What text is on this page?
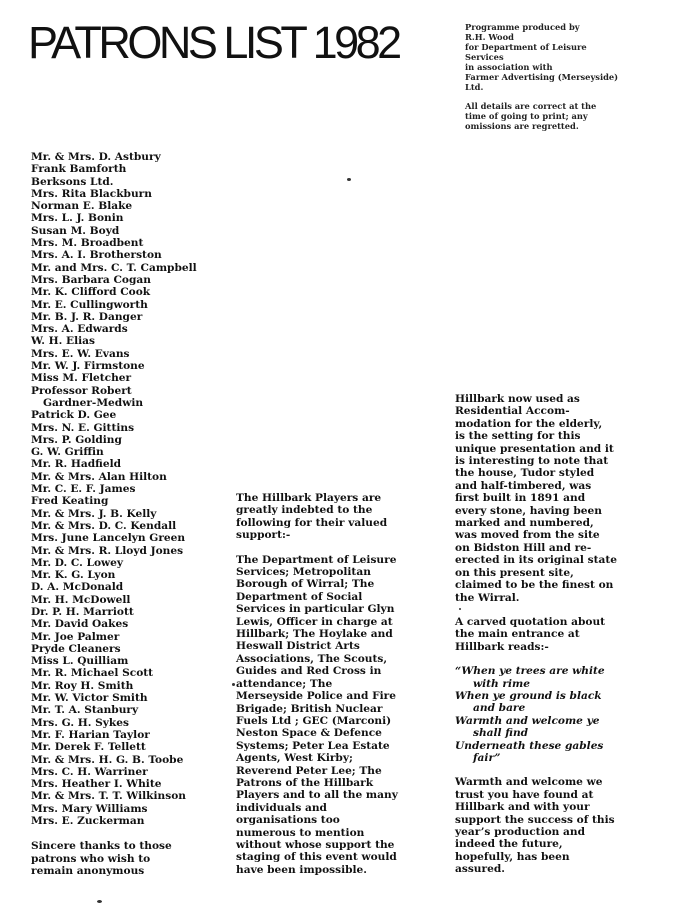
PATRONS LIST 1982	Programme produced by
R.H. Wood
for Department of Leisure
Services
in association with
Farmer Advertising (Merseyside)
Ltd.
All details are correct at the
time of going to print; any
omissions are regretted.
Mr. & Mrs. D. Astbury
Frank Bamforth
Berksons Ltd.
Mrs. Rita Blackburn
Norman E. Blake
Mrs. L. J. Bonin
Susan M. Boyd
Mrs. M. Broadbent
Mrs. A. I. Brotherston
Mr. and Mrs. C. T. Campbell
Mrs. Barbara Cogan
Mr. K. Clifford Cook
Mr. E. Cullingworth
Mr. B. J. R. Danger
Mrs. A. Edwards
W. H. Elias
Mrs. E. W. Evans
Mr. W. J. Firmstone
Miss M. Fletcher
Professor Robert
Gardner-Medwin
Patrick D. Gee
Mrs. N. E. Gittins
Mrs. P. Golding
G. W. Griffin
Mr. R. Hadfield
Mr. & Mrs. Alan Hilton
Mr. C. E. F. James
Fred Keating
Mr. & Mrs. J. B. Kelly
Mr. & Mrs. D. C. Kendall
Mrs. June Lancelyn Green
Mr. & Mrs. R. Lloyd Jones
Mr. D. C. Lowey
Mr. K. G. Lyon
D. A. McDonald
Mr. H. McDowell
Dr. P. H. Marriott
Mr. David Oakes
Mr. Joe Palmer
Pryde Cleaners
Miss L. Quilliam
Mr. R. Michael Scott
Mr. Roy H. Smith
Mr. W. Victor Smith
Mr. T. A. Stanbury
Mrs. G. H. Sykes
Mr. F. Harian Taylor
Mr. Derek F. Tellett
Mr. & Mrs. H. G. B. Toobe
Mrs. C. H. Warriner
Mrs. Heather I. White
Mr. & Mrs. T. T. Wilkinson
Mrs. Mary Williams
Mrs. E. Zuckerman
Sincere thanks to those
patrons who wish to
remain anonymous
The Hillbark Players are
greatly indebted to the
following for their valued
support:-
The Department of Leisure
Services; Metropolitan
Borough of Wirral; The
Department of Social
Services in particular Glyn
Lewis, Officer in charge at
Hillbark; The Hoylake and
Heswall District Arts
Associations, The Scouts,
Guides and Red Cross in
attendance; The
Merseyside Police and Fire
Brigade; British Nuclear
Fuels Ltd ; GEC (Marconi)
Neston Space & Defence
Systems; Peter Lea Estate
Agents, West Kirby;
Reverend Peter Lee; The
Patrons of the Hillbark
Players and to all the many
individuals and
organisations too
numerous to mention
without whose support the
staging of this event would
have been impossible.
Hillbark now used as
Residential Accom-
modation for the elderly,
is the setting for this
unique presentation and it
is interesting to note that
the house, Tudor styled
and half-timbered, was
first built in 1891 and
every stone, having been
marked and numbered,
was moved from the site
on Bidston Hill and re-
erected in its original state
on this present site,
claimed to be the finest on
the Wirral.
A carved quotation about
the main entrance at
Hillbark reads:-
“When ye trees are white
with rime
When ye ground is black
and bare
Warmth and welcome ye
shall find
Underneath these gables
fair”
Warmth and welcome we
trust you have found at
Hillbark and with your
support the success of this
year’s production and
indeed the future,
hopefully, has been
assured.
